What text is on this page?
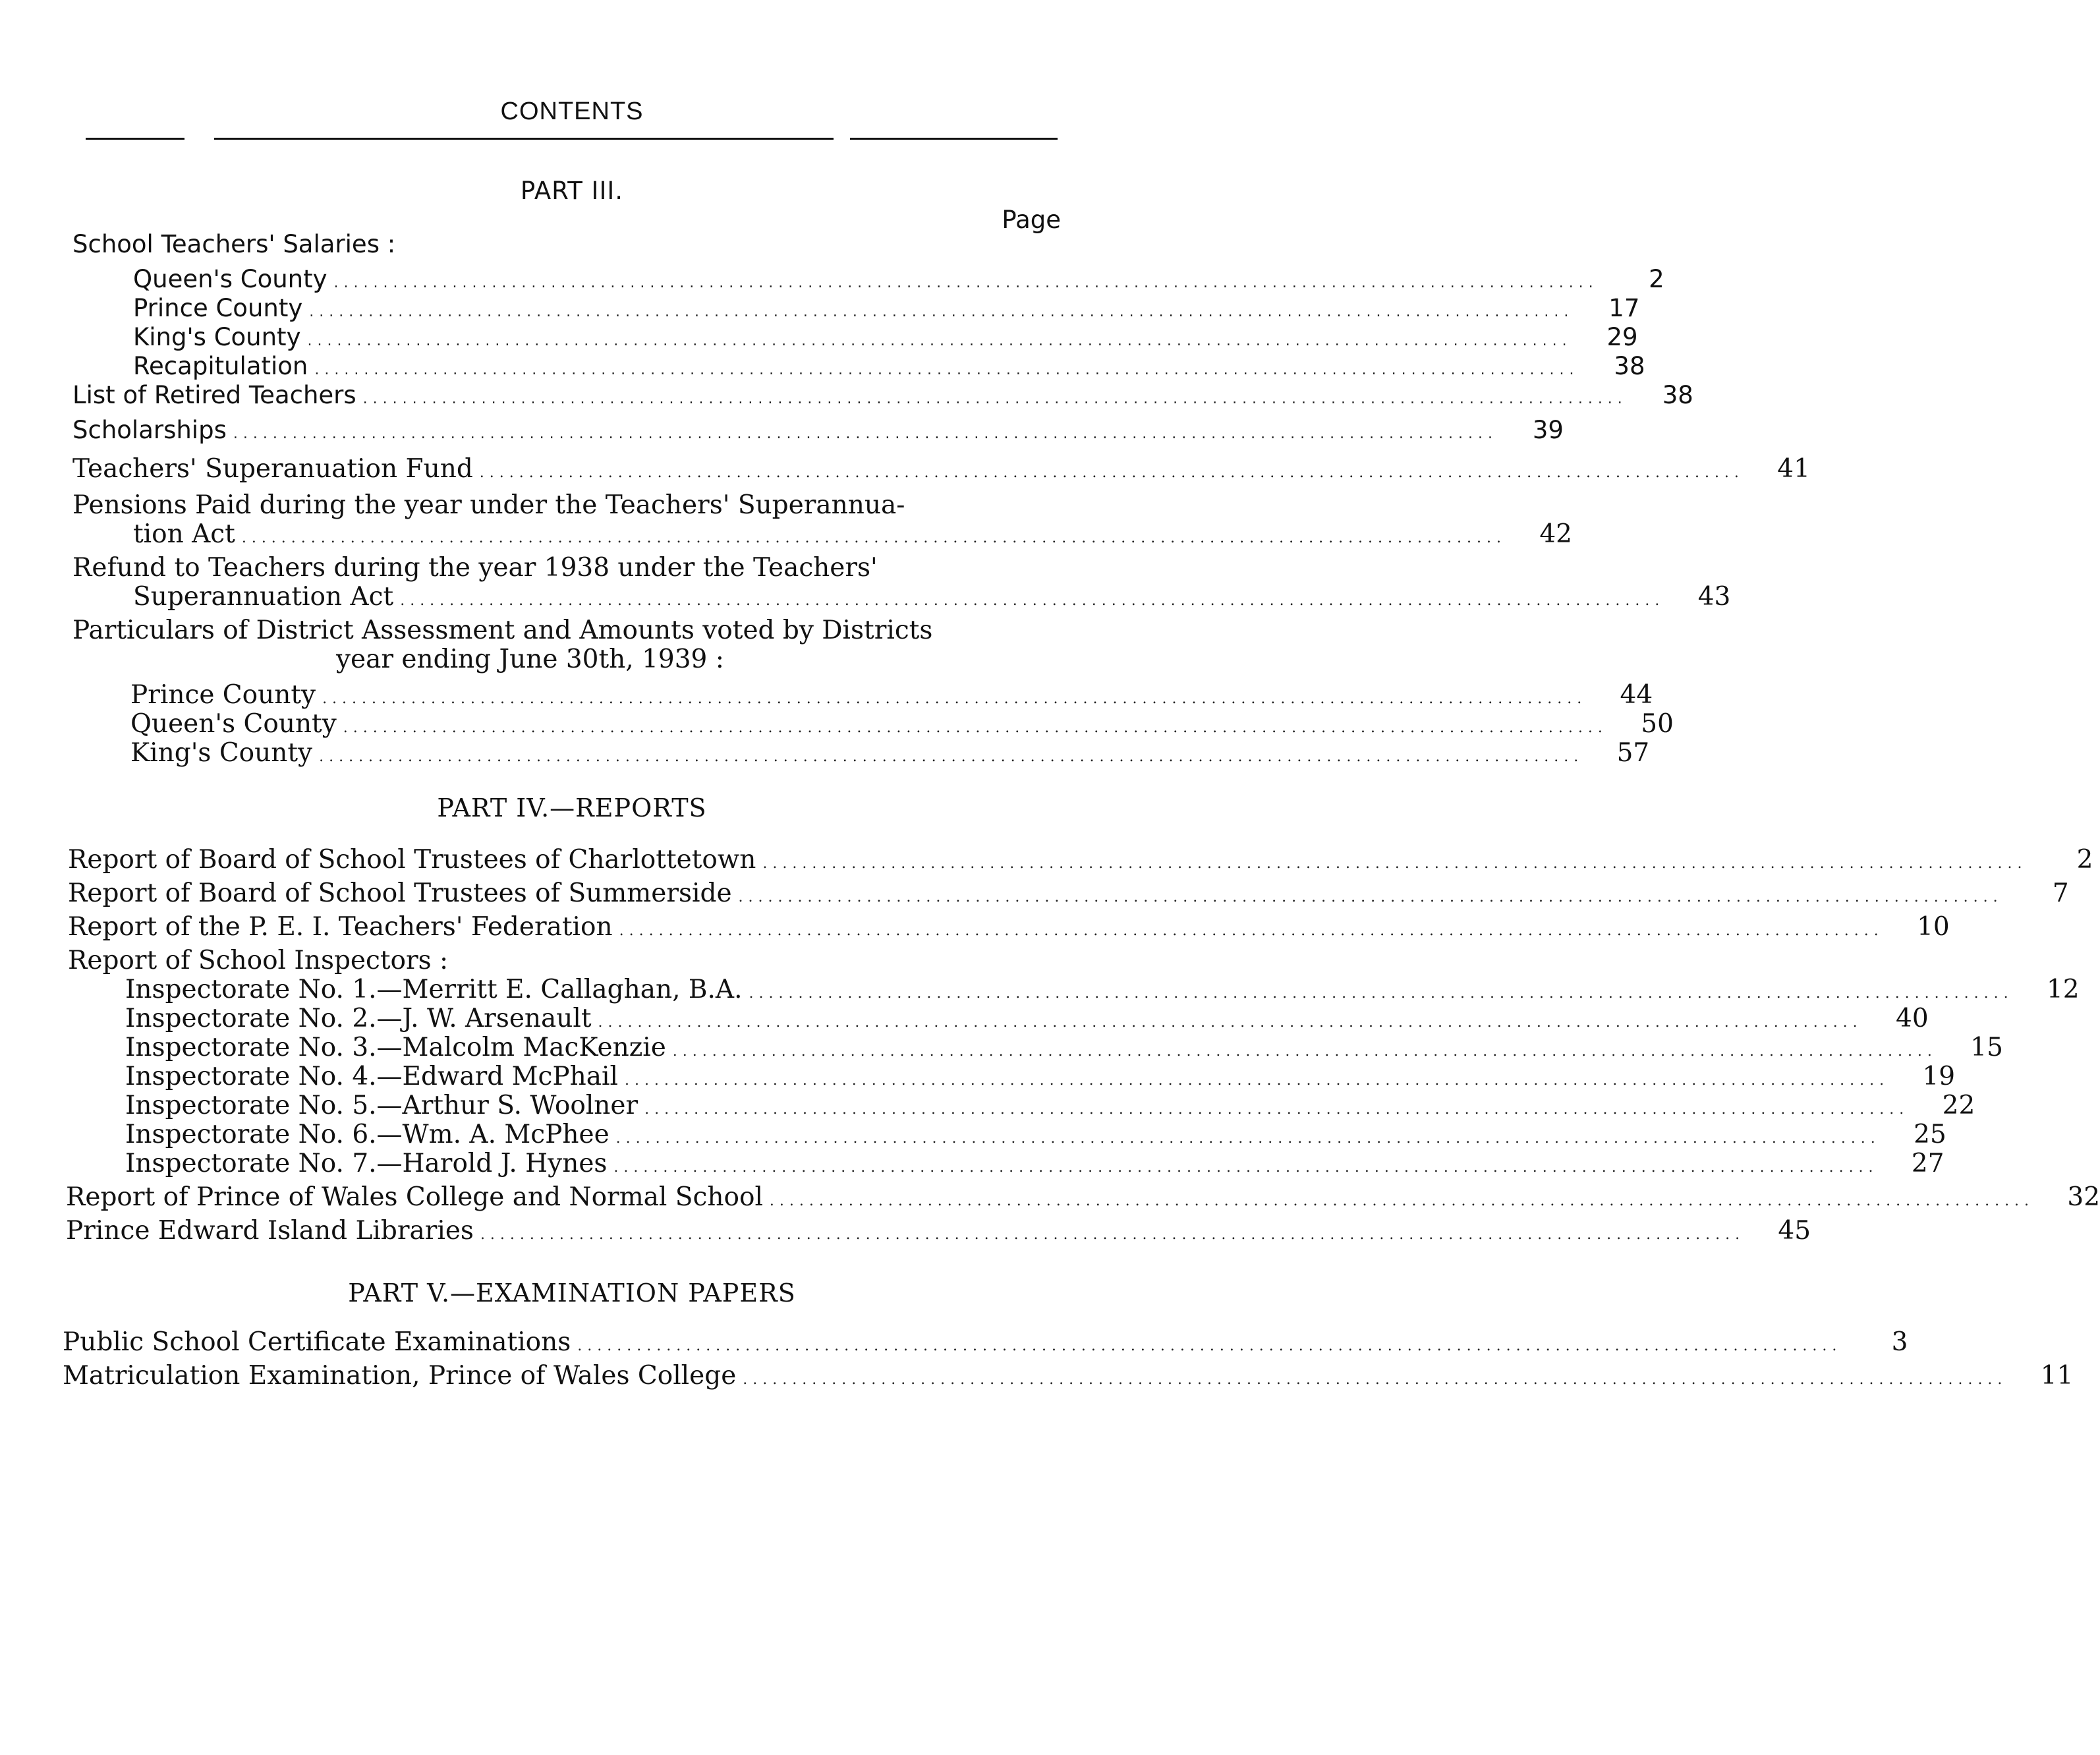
CONTENTS
PART III.
Page
School Teachers' Salaries :
Queen's County ................................................................................................................................	2
Prince County ................................................................................................................................	17
King's County ................................................................................................................................	29
Recapitulation ................................................................................................................................	38
List of Retired Teachers ................................................................................................................................	38
Scholarships ................................................................................................................................	39
Teachers' Superanuation Fund ................................................................................................................................	41
Pensions Paid during the year under the Teachers' Superannua-
tion Act ................................................................................................................................	42
Refund to Teachers during the year 1938 under the Teachers'
Superannuation Act ................................................................................................................................	43
Particulars of District Assessment and Amounts voted by Districts
year ending June 30th, 1939 :
Prince County ................................................................................................................................	44
Queen's County ................................................................................................................................	50
King's County ................................................................................................................................	57
PART IV.—REPORTS
Report of Board of School Trustees of Charlottetown ................................................................................................................................	2
Report of Board of School Trustees of Summerside ................................................................................................................................	7
Report of the P. E. I. Teachers' Federation ................................................................................................................................	10
Report of School Inspectors :
Inspectorate No. 1.—Merritt E. Callaghan, B.A. ................................................................................................................................	12
Inspectorate No. 2.—J. W. Arsenault ................................................................................................................................	40
Inspectorate No. 3.—Malcolm MacKenzie ................................................................................................................................	15
Inspectorate No. 4.—Edward McPhail ................................................................................................................................	19
Inspectorate No. 5.—Arthur S. Woolner ................................................................................................................................	22
Inspectorate No. 6.—Wm. A. McPhee ................................................................................................................................	25
Inspectorate No. 7.—Harold J. Hynes ................................................................................................................................	27
Report of Prince of Wales College and Normal School ................................................................................................................................	32
Prince Edward Island Libraries ................................................................................................................................	45
PART V.—EXAMINATION PAPERS
Public School Certificate Examinations ................................................................................................................................	3
Matriculation Examination, Prince of Wales College ................................................................................................................................	11
